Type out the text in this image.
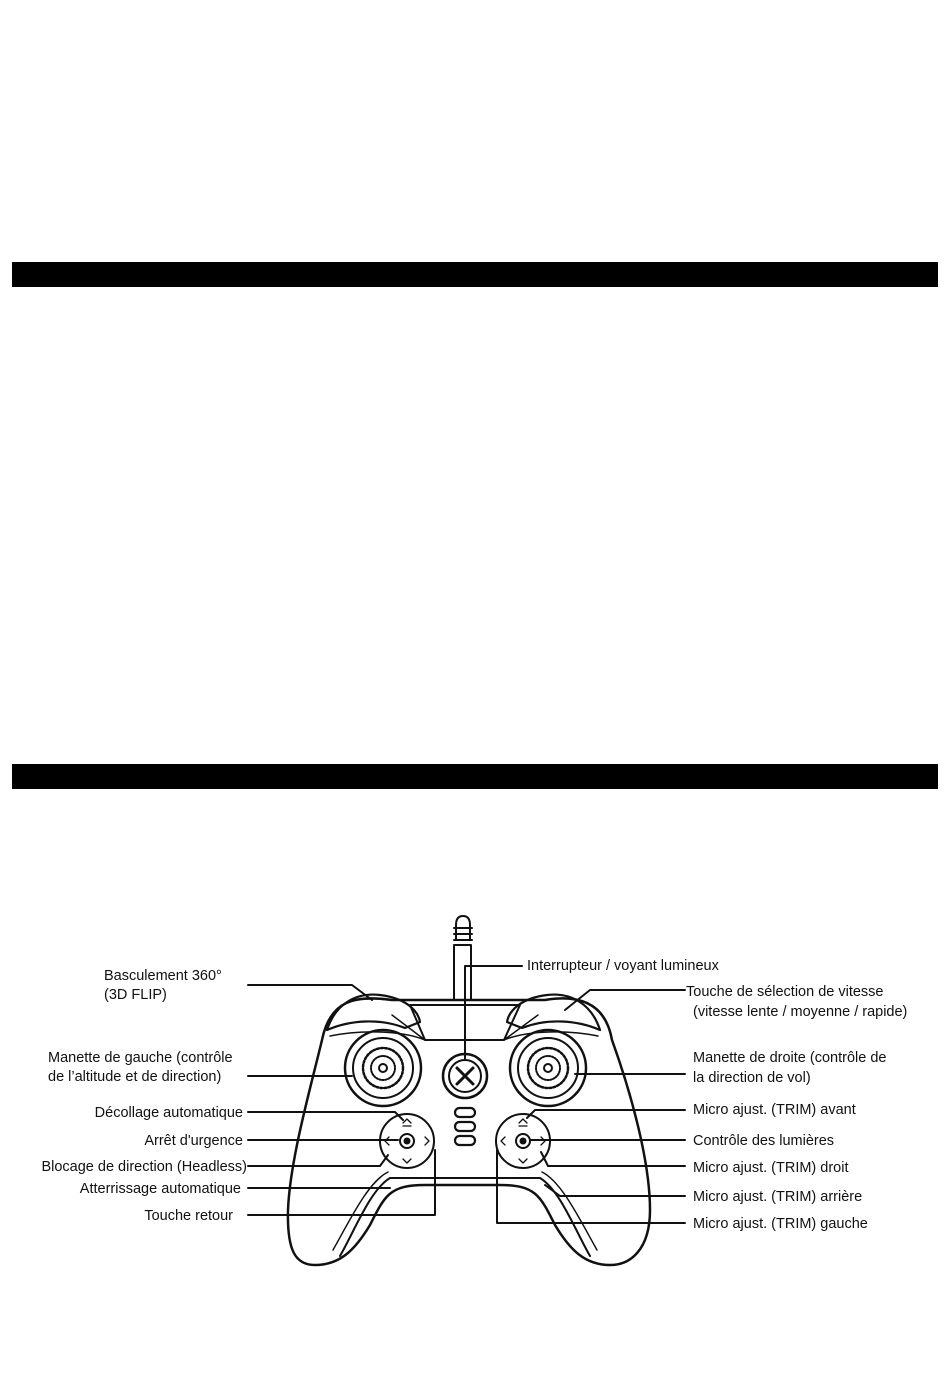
Basculement 360°
(3D FLIP)
Manette de gauche (contrôle
de l’altitude et de direction)
Décollage automatique
Arrêt d'urgence
Blocage de direction (Headless)
Atterrissage automatique
Touche retour
Interrupteur / voyant lumineux
Touche de sélection de vitesse
(vitesse lente / moyenne / rapide)
Manette de droite (contrôle de
la direction de vol)
Micro ajust. (TRIM) avant
Contrôle des lumières
Micro ajust. (TRIM) droit
Micro ajust. (TRIM) arrière
Micro ajust. (TRIM) gauche
